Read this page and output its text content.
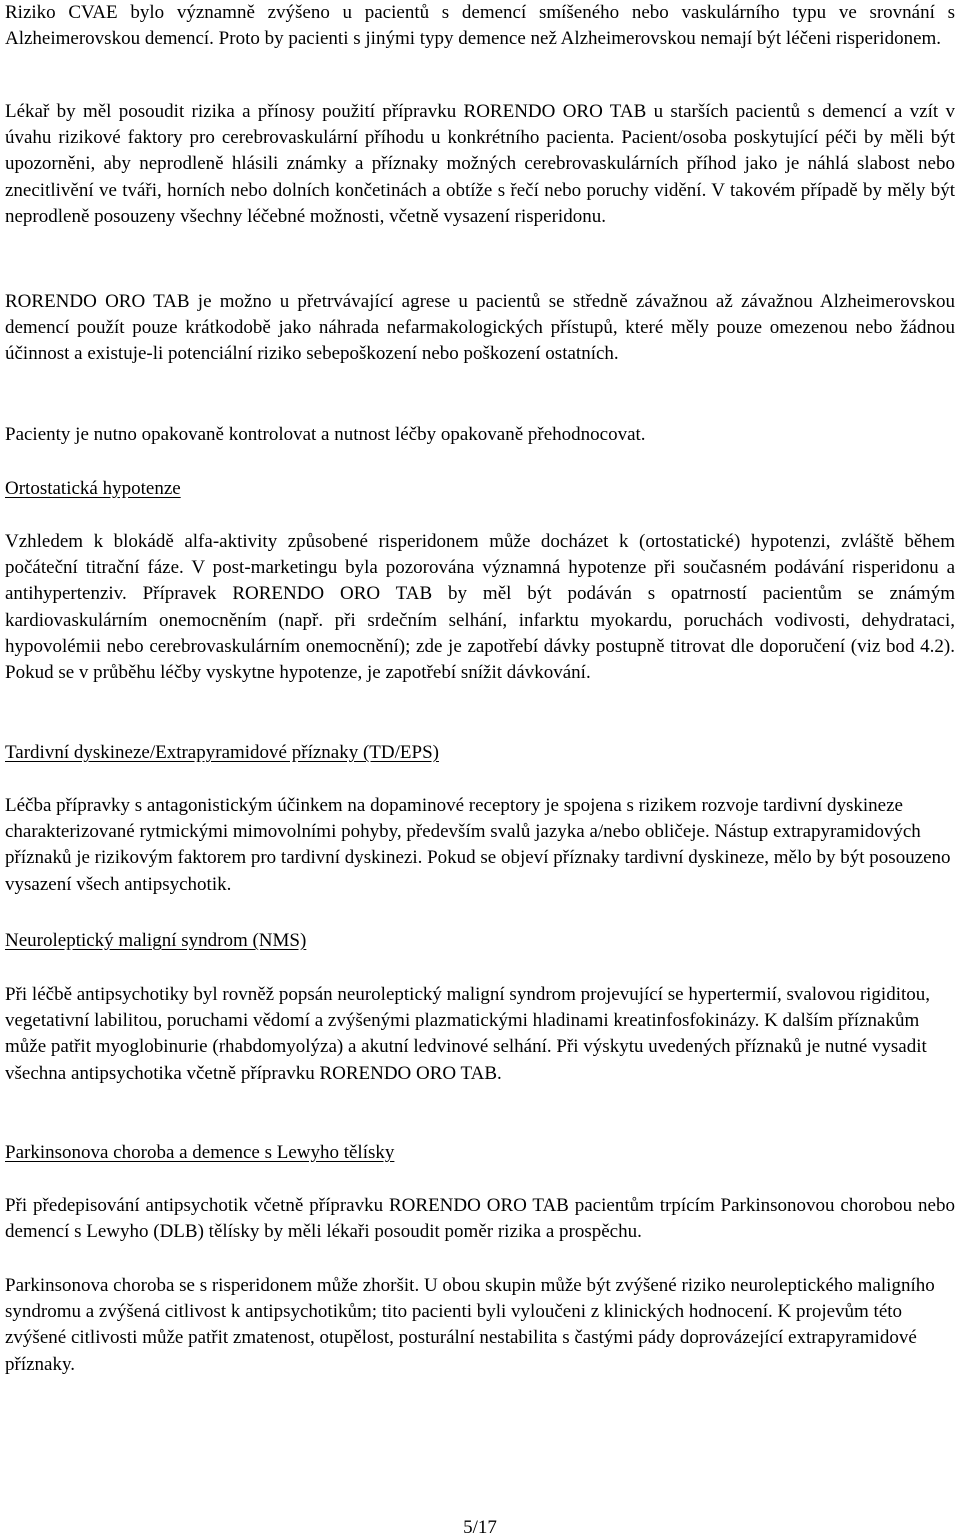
Riziko CVAE bylo významně zvýšeno u pacientů s demencí smíšeného nebo vaskulárního typu ve srovnání s Alzheimerovskou demencí. Proto by pacienti s jinými typy demence než Alzheimerovskou nemají být léčeni risperidonem.

Lékař by měl posoudit rizika a přínosy použití přípravku RORENDO ORO TAB u starších pacientů s demencí a vzít v úvahu rizikové faktory pro cerebrovaskulární příhodu u konkrétního pacienta. Pacient/osoba poskytující péči by měli být upozorněni, aby neprodleně hlásili známky a příznaky možných cerebrovaskulárních příhod jako je náhlá slabost nebo znecitlivění ve tváři, horních nebo dolních končetinách a obtíže s řečí nebo poruchy vidění. V takovém případě by měly být neprodleně posouzeny všechny léčebné možnosti, včetně vysazení risperidonu.

RORENDO ORO TAB je možno u přetrvávající agrese u pacientů se středně závažnou až závažnou Alzheimerovskou demencí použít pouze krátkodobě jako náhrada nefarmakologických přístupů, které měly pouze omezenou nebo žádnou účinnost a existuje-li potenciální riziko sebepoškození nebo poškození ostatních.

Pacienty je nutno opakovaně kontrolovat a nutnost léčby opakovaně přehodnocovat.

Ortostatická hypotenze

Vzhledem k blokádě alfa-aktivity způsobené risperidonem může docházet k (ortostatické) hypotenzi, zvláště během počáteční titrační fáze. V post-marketingu byla pozorována významná hypotenze při současném podávání risperidonu a antihypertenziv. Přípravek RORENDO ORO TAB by měl být podáván s opatrností pacientům se známým kardiovaskulárním onemocněním (např. při srdečním selhání, infarktu myokardu, poruchách vodivosti, dehydrataci, hypovolémii nebo cerebrovaskulárním onemocnění); zde je zapotřebí dávky postupně titrovat dle doporučení (viz bod 4.2). Pokud se v průběhu léčby vyskytne hypotenze, je zapotřebí snížit dávkování.

Tardivní dyskineze/Extrapyramidové příznaky (TD/EPS)

Léčba přípravky s antagonistickým účinkem na dopaminové receptory je spojena s rizikem rozvoje tardivní dyskineze charakterizované rytmickými mimovolními pohyby, především svalů jazyka a/nebo obličeje. Nástup extrapyramidových příznaků je rizikovým faktorem pro tardivní dyskinezi. Pokud se objeví příznaky tardivní dyskineze, mělo by být posouzeno vysazení všech antipsychotik.

Neuroleptický maligní syndrom (NMS)

Při léčbě antipsychotiky byl rovněž popsán neuroleptický maligní syndrom projevující se hypertermií, svalovou rigiditou, vegetativní labilitou, poruchami vědomí a zvýšenými plazmatickými hladinami kreatinfosfokinázy. K dalším příznakům může patřit myoglobinurie (rhabdomyolýza) a akutní ledvinové selhání. Při výskytu uvedených příznaků je nutné vysadit všechna antipsychotika včetně přípravku RORENDO ORO TAB.

Parkinsonova choroba a demence s Lewyho tělísky

Při předepisování antipsychotik včetně přípravku RORENDO ORO TAB pacientům trpícím Parkinsonovou chorobou nebo demencí s Lewyho (DLB) tělísky by měli lékaři posoudit poměr rizika a prospěchu.

Parkinsonova choroba se s risperidonem může zhoršit. U obou skupin může být zvýšené riziko neuroleptického maligního syndromu a zvýšená citlivost k antipsychotikům; tito pacienti byli vyloučeni z klinických hodnocení. K projevům této zvýšené citlivosti může patřit zmatenost, otupělost, posturální nestabilita s častými pády doprovázející extrapyramidové příznaky.

5/17
